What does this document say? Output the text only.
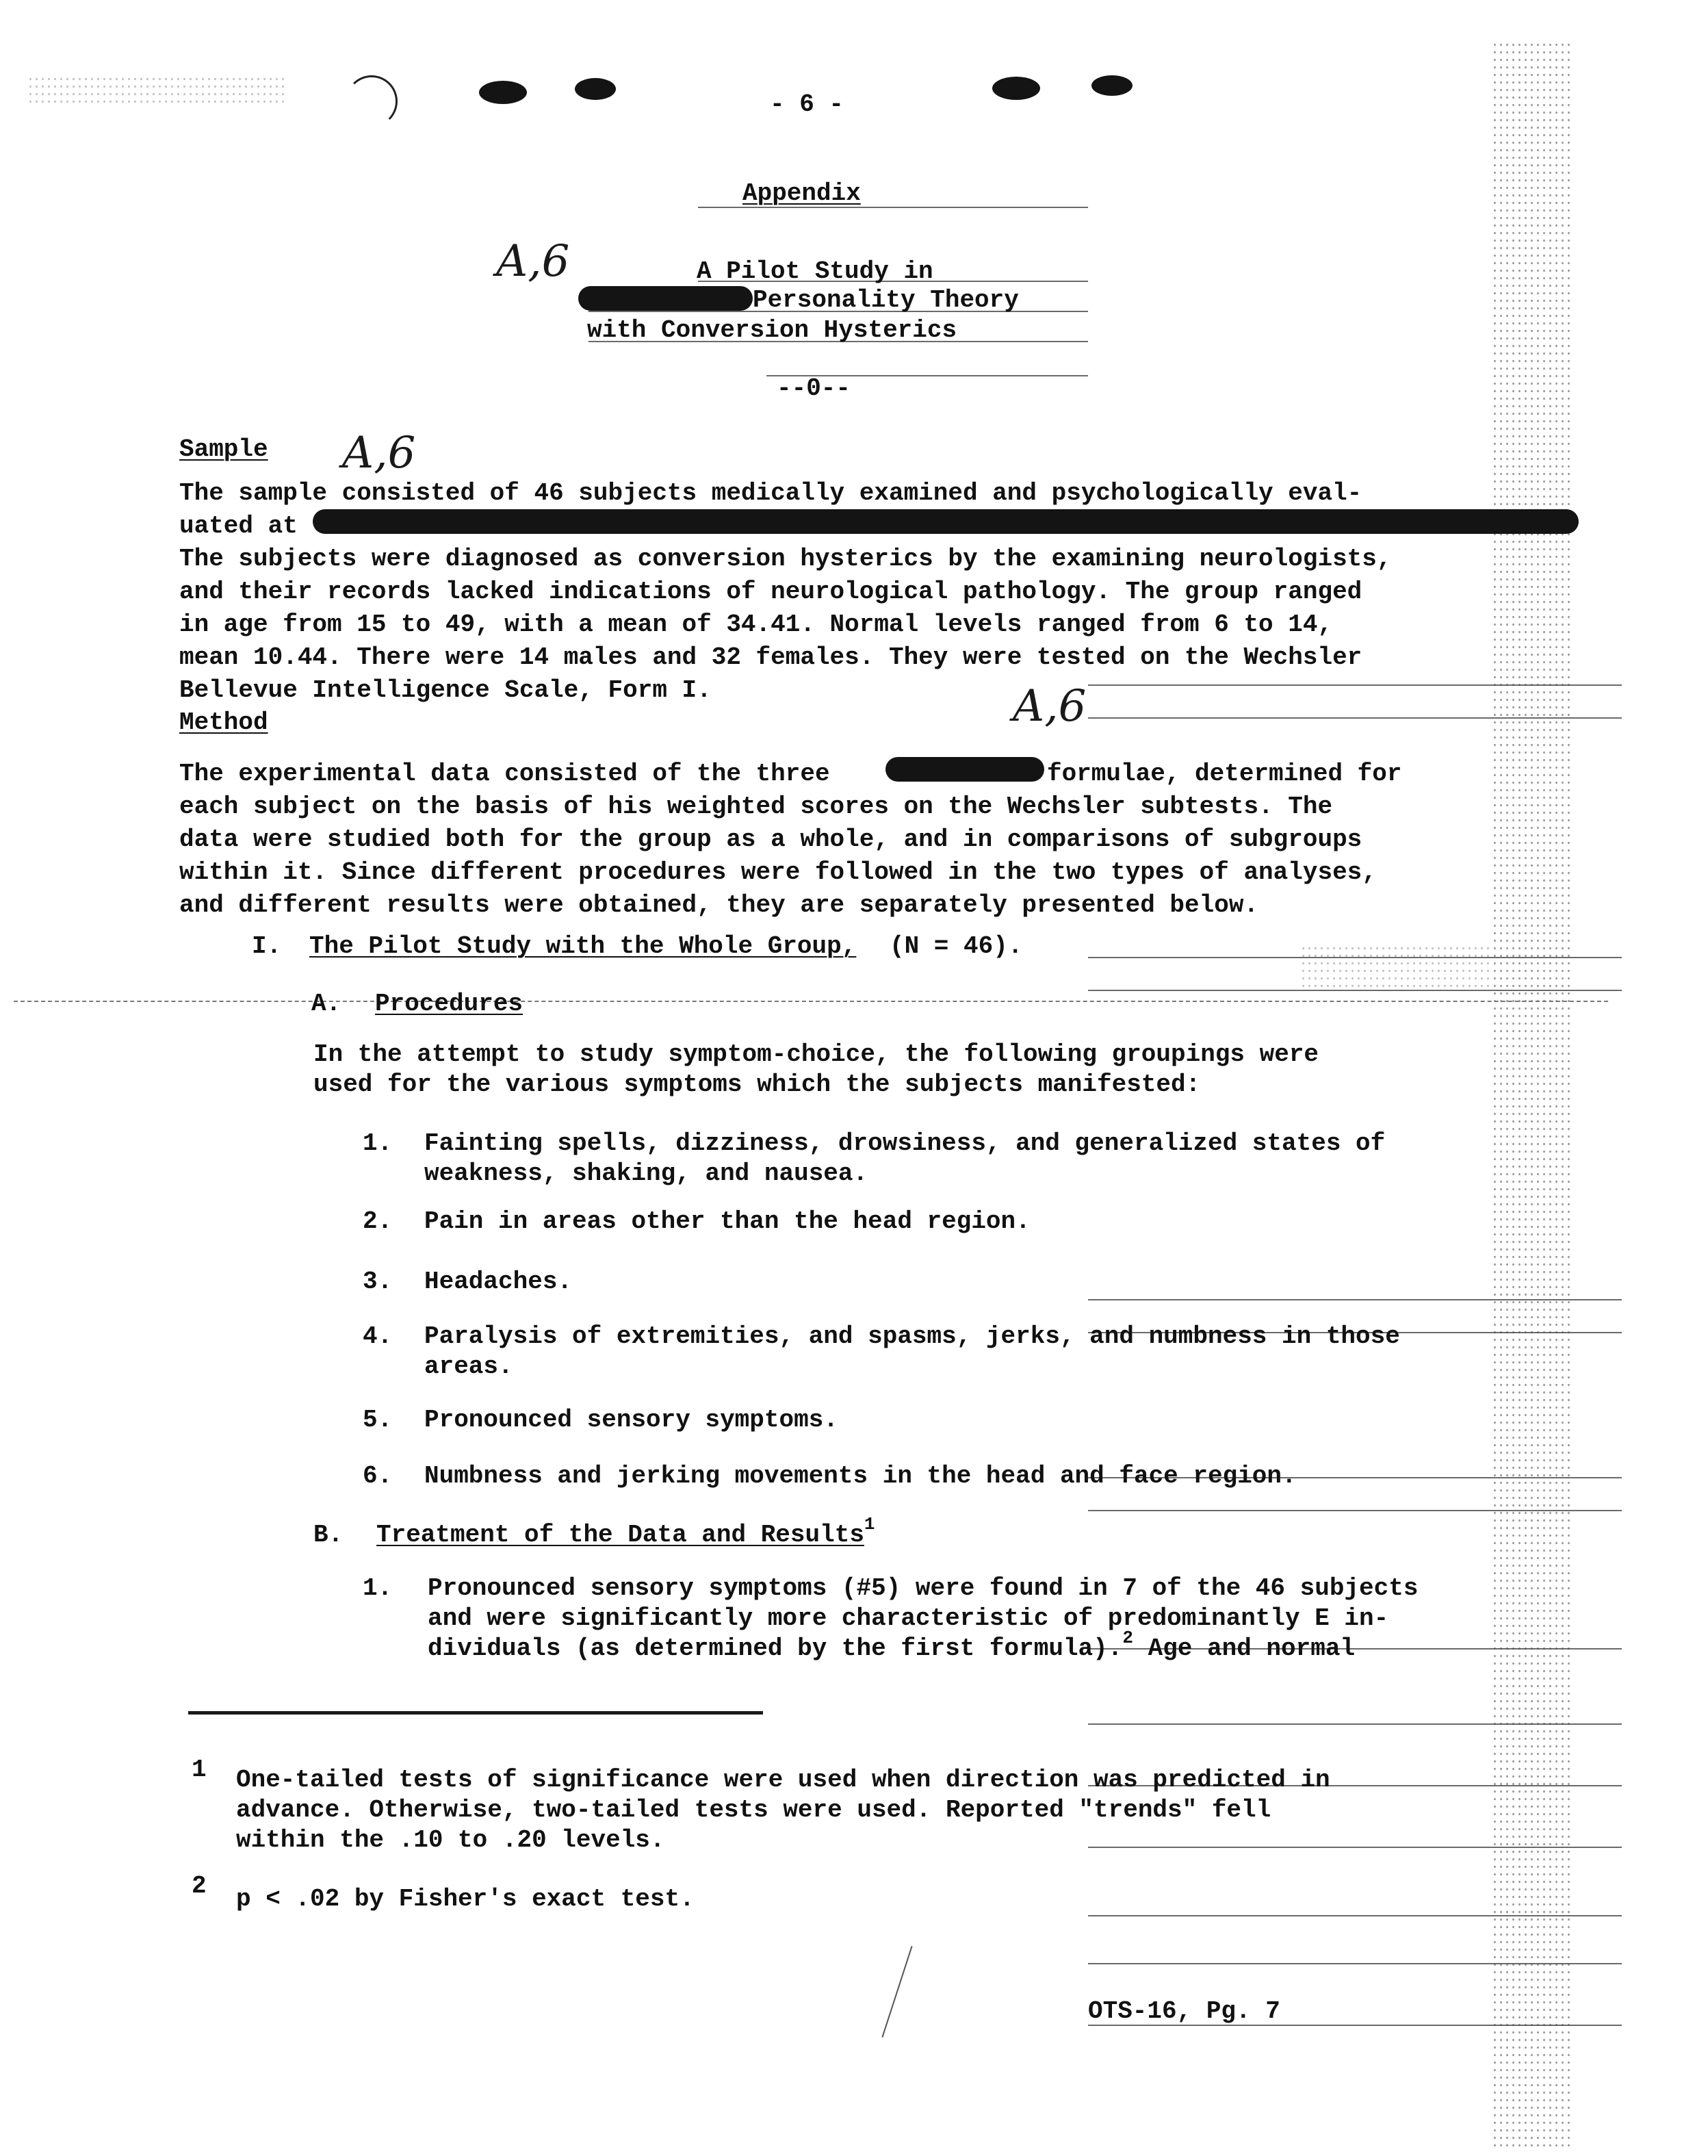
- 6 -
Appendix
A,6	A Pilot Study in
Personality Theory
with Conversion Hysterics
--0--
Sample A,6
The sample consisted of 46 subjects medically examined and psychologically eval-
uated at
The subjects were diagnosed as conversion hysterics by the examining neurologists,
and their records lacked indications of neurological pathology. The group ranged
in age from 15 to 49, with a mean of 34.41. Normal levels ranged from 6 to 14,
mean 10.44. There were 14 males and 32 females. They were tested on the Wechsler
Bellevue Intelligence Scale, Form I.
Method	A,6
The experimental data consisted of the three	formulae, determined for
each subject on the basis of his weighted scores on the Wechsler subtests. The
data were studied both for the group as a whole, and in comparisons of subgroups
within it. Since different procedures were followed in the two types of analyses,
and different results were obtained, they are separately presented below.
I. The Pilot Study with the Whole Group, (N = 46).
A. Procedures
In the attempt to study symptom-choice, the following groupings were
used for the various symptoms which the subjects manifested:
1. Fainting spells, dizziness, drowsiness, and generalized states of
weakness, shaking, and nausea.
2. Pain in areas other than the head region.
3. Headaches.
4. Paralysis of extremities, and spasms, jerks, and numbness in those
areas.
5. Pronounced sensory symptoms.
6. Numbness and jerking movements in the head and face region.
B. Treatment of the Data and Results$^1$
1. Pronounced sensory symptoms (#5) were found in 7 of the 46 subjects
and were significantly more characteristic of predominantly E in-
dividuals (as determined by the first formula).$^2$ Age and normal
1 One-tailed tests of significance were used when direction was predicted in
advance. Otherwise, two-tailed tests were used. Reported "trends" fell
within the .10 to .20 levels.
2 p < .02 by Fisher's exact test.
OTS-16, Pg. 7
